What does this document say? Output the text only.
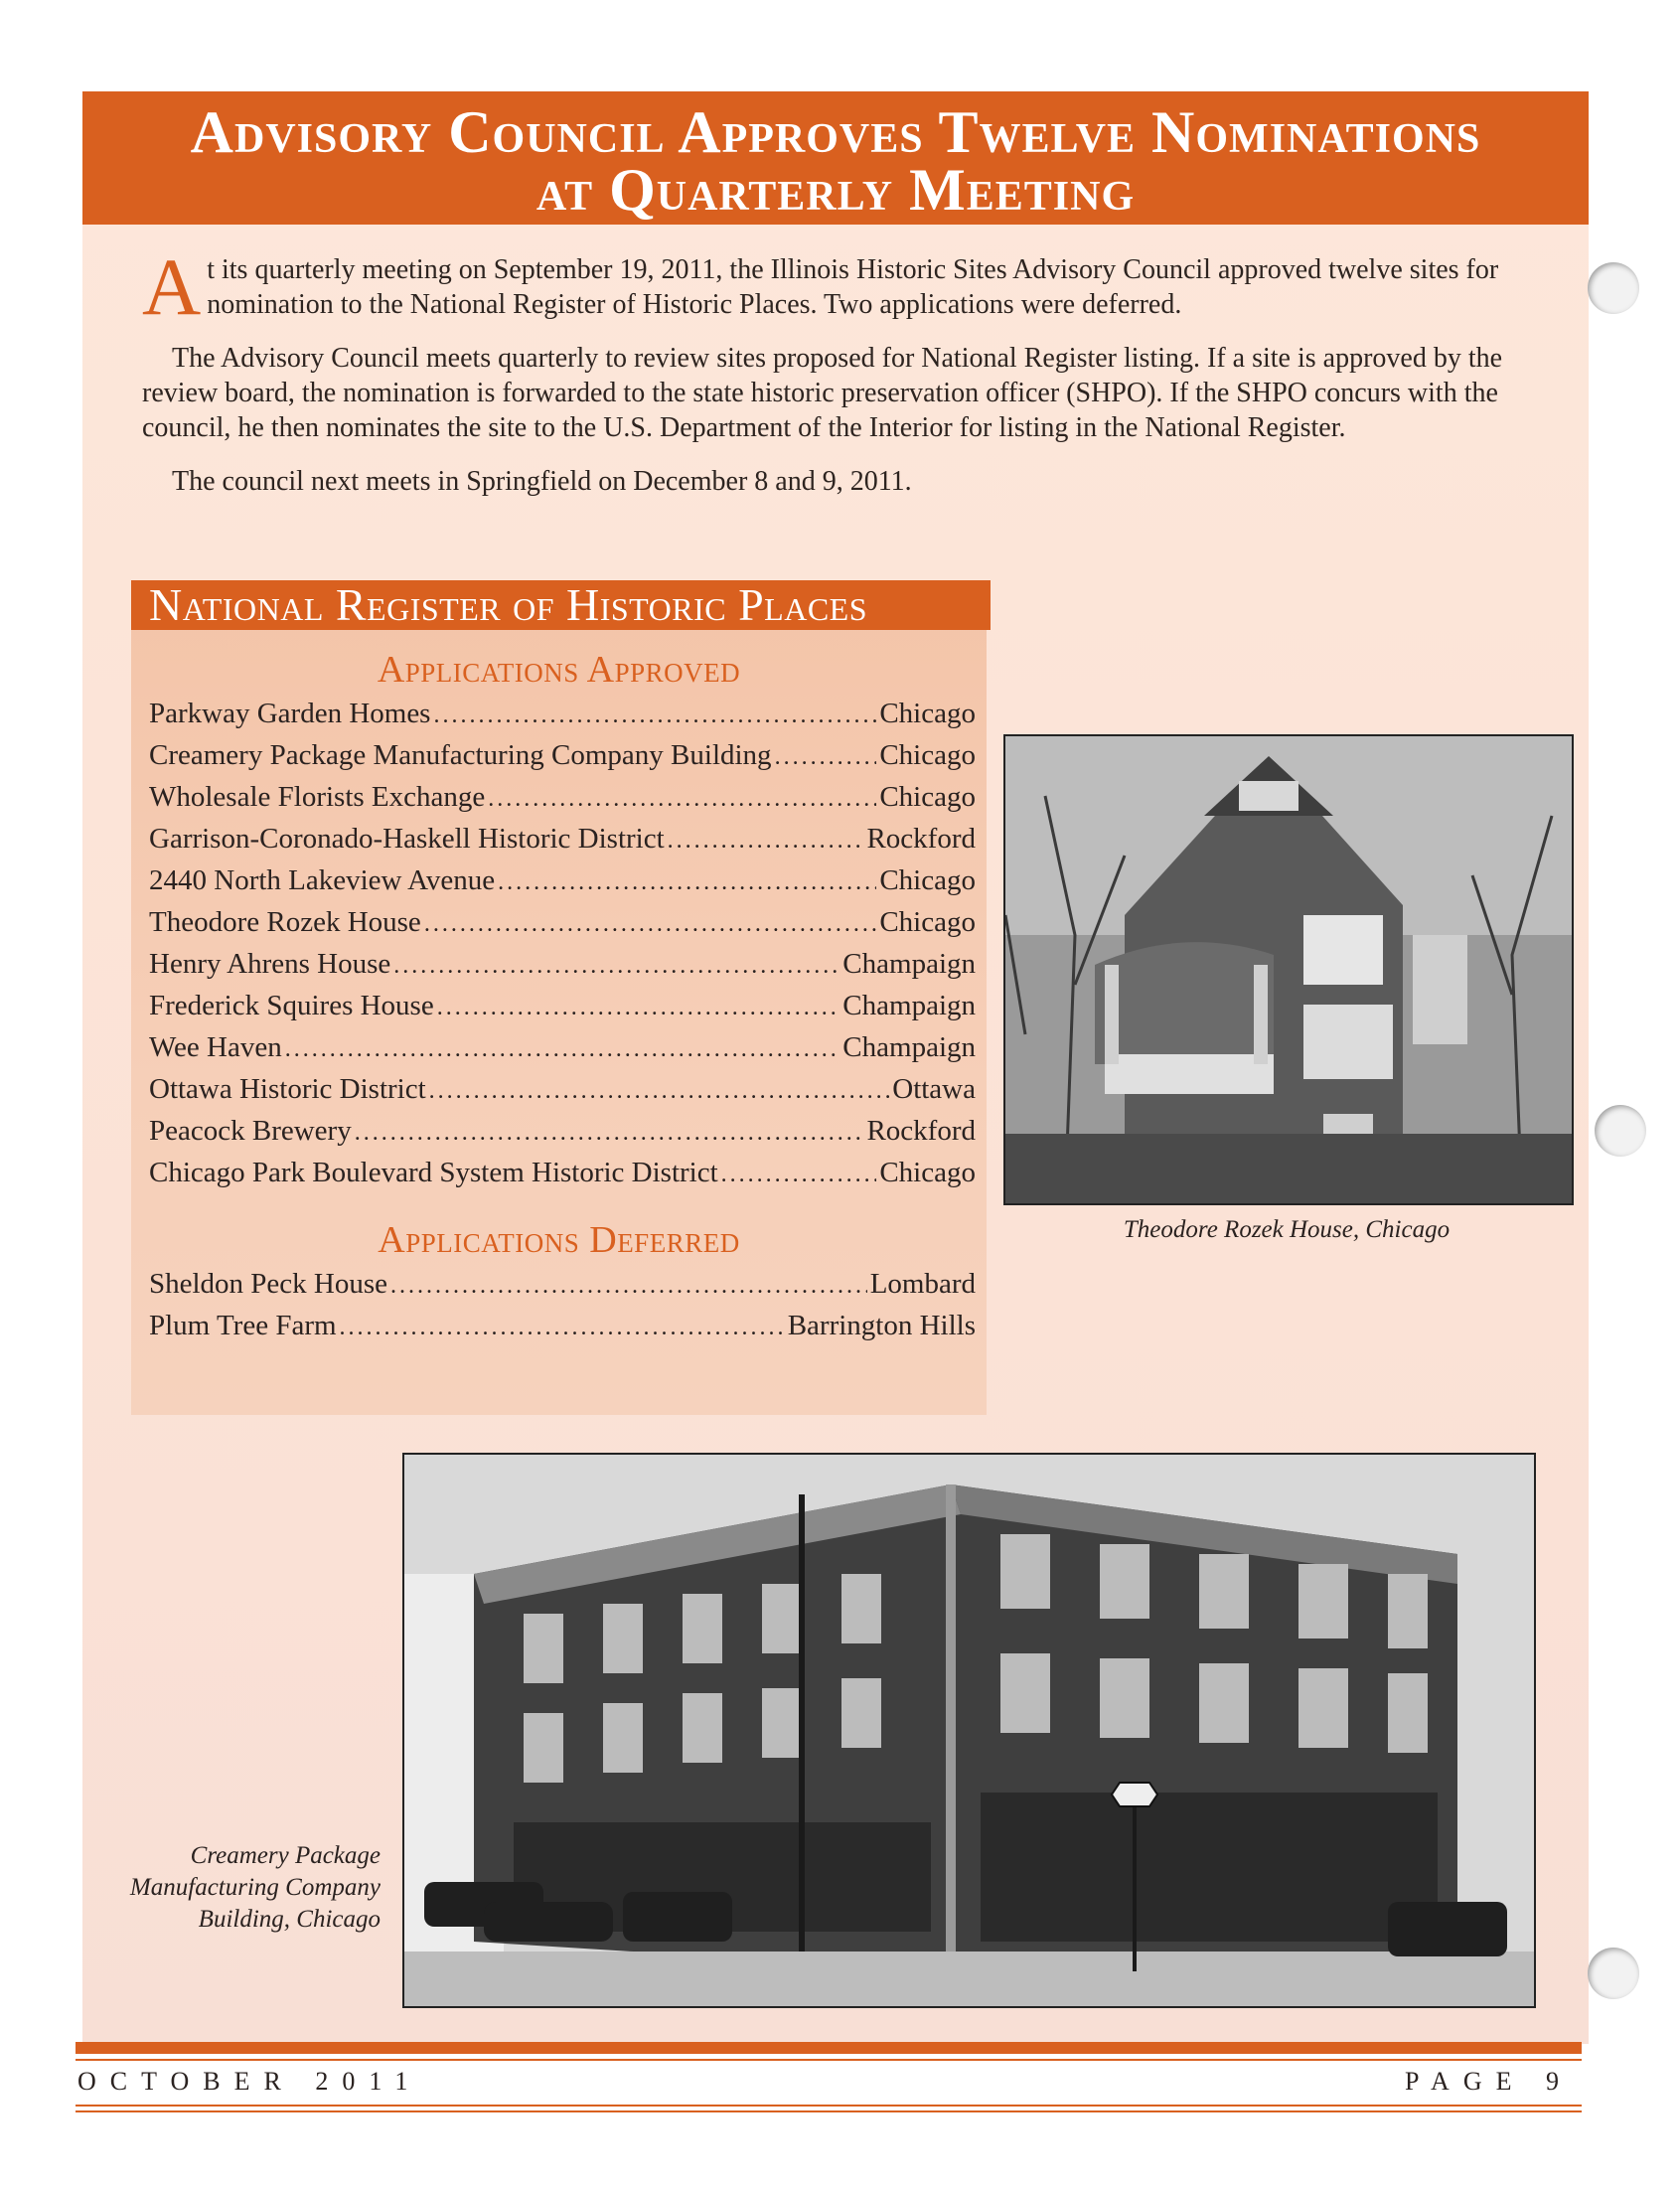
Advisory Council Approves Twelve Nominations
at Quarterly Meeting

At its quarterly meeting on September 19, 2011, the Illinois Historic Sites Advisory Council approved twelve sites for nomination to the National Register of Historic Places. Two applications were deferred.

The Advisory Council meets quarterly to review sites proposed for National Register listing. If a site is approved by the review board, the nomination is forwarded to the state historic preservation officer (SHPO). If the SHPO concurs with the council, he then nominates the site to the U.S. Department of the Interior for listing in the National Register.

The council next meets in Springfield on December 8 and 9, 2011.

National Register of Historic Places
Applications Approved
Parkway Garden Homes .....	Chicago
Creamery Package Manufacturing Company Building .....	Chicago
Wholesale Florists Exchange .....	Chicago
Garrison-Coronado-Haskell Historic District .....	Rockford
2440 North Lakeview Avenue .....	Chicago
Theodore Rozek House .....	Chicago
Henry Ahrens House .....	Champaign
Frederick Squires House .....	Champaign
Wee Haven .....	Champaign
Ottawa Historic District .....	Ottawa
Peacock Brewery .....	Rockford
Chicago Park Boulevard System Historic District .....	Chicago
Applications Deferred
Sheldon Peck House .....	Lombard
Plum Tree Farm .....	Barrington Hills
Theodore Rozek House, Chicago
Creamery Package
Manufacturing Company
Building, Chicago
OCTOBER 2011	PAGE 9
